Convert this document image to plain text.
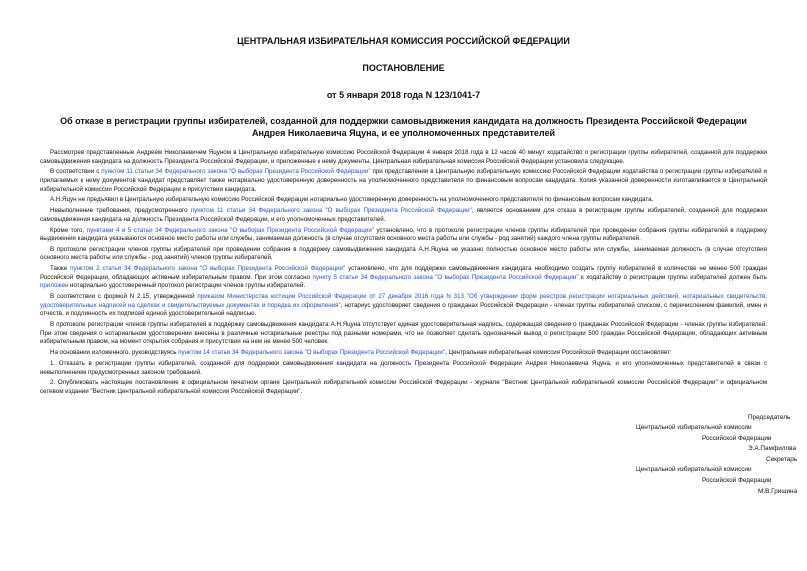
ЦЕНТРАЛЬНАЯ ИЗБИРАТЕЛЬНАЯ КОМИССИЯ РОССИЙСКОЙ ФЕДЕРАЦИИ
ПОСТАНОВЛЕНИЕ
от 5 января 2018 года N 123/1041-7
Об отказе в регистрации группы избирателей, созданной для поддержки самовыдвижения кандидата на должность Президента Российской Федерации Андрея Николаевича Яцуна, и ее уполномоченных представителей

Рассмотрев представленные Андреем Николаевичем Яцуном в Центральную избирательную комиссию Российской Федерации 4 января 2018 года в 12 часов 40 минут ходатайство о регистрации группы избирателей, созданной для поддержки самовыдвижения кандидата на должность Президента Российской Федерации, и приложенные к нему документы, Центральная избирательная комиссия Российской Федерации установила следующее.

В соответствии с пунктом 11 статьи 34 Федерального закона "О выборах Президента Российской Федерации" при представлении в Центральную избирательную комиссию Российской Федерации ходатайства о регистрации группы избирателей и прилагаемых к нему документов кандидат представляет также нотариально удостоверенную доверенность на уполномоченного представителя по финансовым вопросам кандидата. Копия указанной доверенности изготавливается в Центральной избирательной комиссии Российской Федерации в присутствии кандидата.

А.Н.Яцун не предъявил в Центральную избирательную комиссию Российской Федерации нотариально удостоверенную доверенность на уполномоченного представителя по финансовым вопросам кандидата.

Невыполнение требования, предусмотренного пунктом 11 статьи 34 Федерального закона "О выборах Президента Российской Федерации", является основанием для отказа в регистрации группы избирателей, созданной для поддержки самовыдвижения кандидата на должность Президента Российской Федерации, и его уполномоченных представителей.

Кроме того, пунктами 4 и 5 статьи 34 Федерального закона "О выборах Президента Российской Федерации" установлено, что в протоколе регистрации членов группы избирателей при проведении собрания группы избирателей в поддержку выдвижения кандидата указываются основное место работы или службы, занимаемая должность (в случае отсутствия основного места работы или службы - род занятий) каждого члена группы избирателей.

В протоколе регистрации членов группы избирателей при проведении собрания в поддержку самовыдвижения кандидата А.Н.Яцуна не указано полностью основное место работы или службы, занимаемая должность (в случае отсутствия основного места работы или службы - род занятий) членов группы избирателей.

Также пунктом 2 статьи 34 Федерального закона "О выборах Президента Российской Федерации" установлено, что для поддержки самовыдвижения кандидата необходимо создать группу избирателей в количестве не менее 500 граждан Российской Федерации, обладающих активным избирательным правом. При этом согласно пункту 5 статьи 34 Федерального закона "О выборах Президента Российской Федерации" к ходатайству о регистрации группы избирателей должен быть приложен нотариально удостоверенный протокол регистрации членов группы избирателей.

В соответствии с формой N 2.15, утвержденной приказом Министерства юстиции Российской Федерации от 27 декабря 2016 года N 313 "Об утверждении форм реестров регистрации нотариальных действий, нотариальных свидетельств, удостоверительных надписей на сделках и свидетельствуемых документах и порядка их оформления", нотариус удостоверяет сведения о гражданах Российской Федерации - членах группы избирателей списком, с перечислением фамилий, имен и отчеств, и подлинность их подписей единой удостоверительной надписью.

В протоколе регистрации членов группы избирателей в поддержку самовыдвижения кандидата А.Н.Яцуна отсутствует единая удостоверительная надпись, содержащая сведения о гражданах Российской Федерации - членах группы избирателей. При этом сведения о нотариальном удостоверении внесены в различные нотариальные реестры под разными номерами, что не позволяет сделать однозначный вывод о регистрации 500 граждан Российской Федерации, обладающих активным избирательным правом, на момент открытия собрания и присутствии на нем не менее 500 человек.

На основании изложенного, руководствуясь пунктом 14 статьи 34 Федерального закона "О выборах Президента Российской Федерации", Центральная избирательная комиссия Российской Федерации постановляет:

1. Отказать в регистрации группы избирателей, созданной для поддержки самовыдвижения кандидата на должность Президента Российской Федерации Андрея Николаевича Яцуна, и его уполномоченных представителей в связи с невыполнением предусмотренных законом требований.

2. Опубликовать настоящее постановление в официальном печатном органе Центральной избирательной комиссии Российской Федерации - журнале "Вестник Центральной избирательной комиссии Российской Федерации" и официальном сетевом издании "Вестник Центральной избирательной комиссии Российской Федерации".

Председатель
Центральной избирательной комиссии
Российской Федерации
Э.А.Памфилова
Секретарь
Центральной избирательной комиссии
Российской Федерации
М.В.Гришина
